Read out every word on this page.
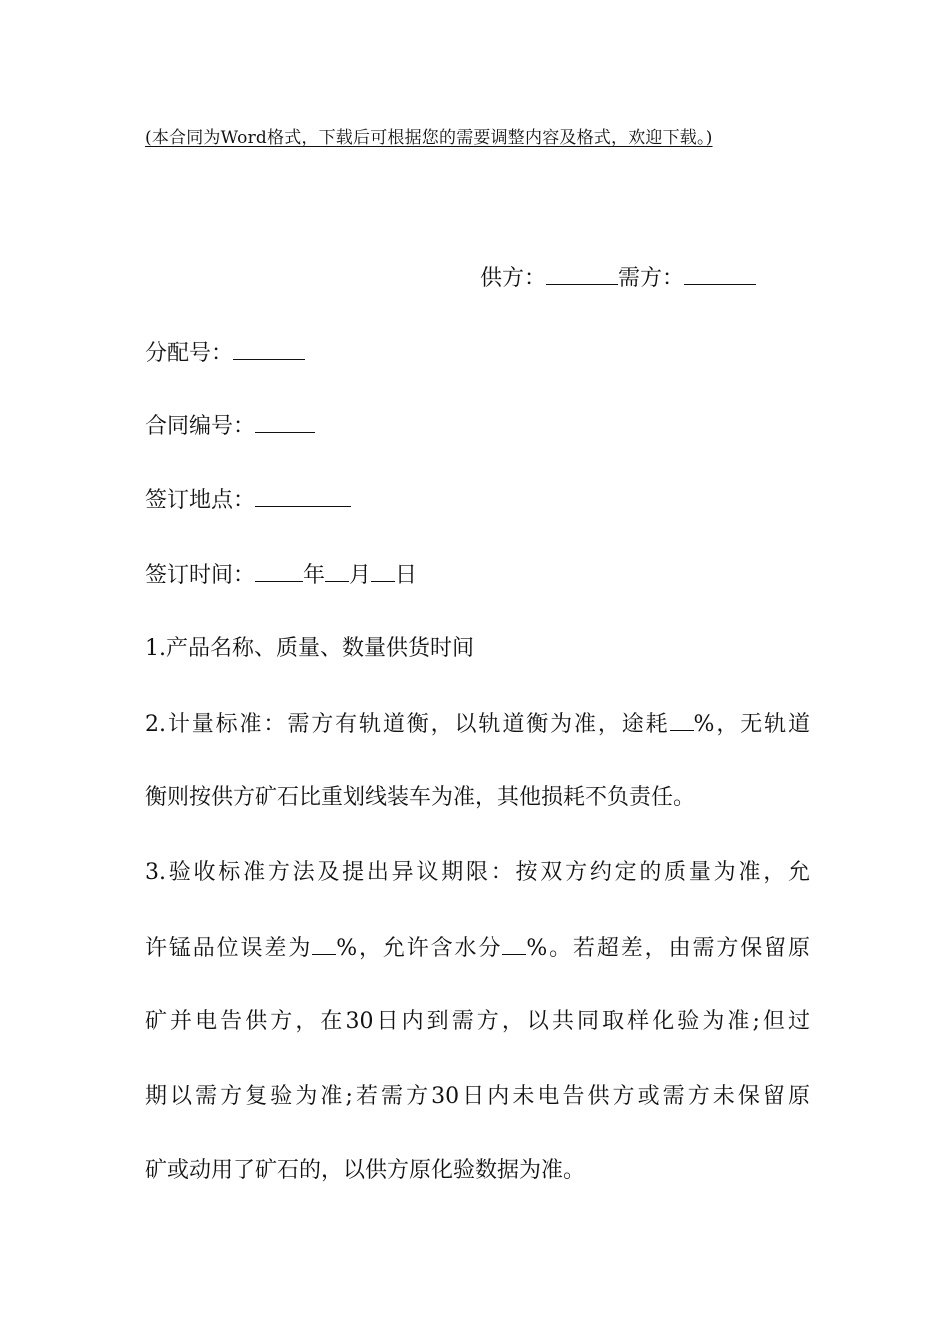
(本合同为Word格式，下载后可根据您的需要调整内容及格式，欢迎下载。)
供方：	需方：
分配号：
合同编号：
签订地点：
签订时间： 年 月 日
1.产品名称、质量、数量供货时间
2.计量标准：需方有轨道衡，以轨道衡为准，途耗 %，无轨道
衡则按供方矿石比重划线装车为准，其他损耗不负责任。
3.验收标准方法及提出异议期限：按双方约定的质量为准，允
许锰品位误差为 %，允许含水分 %。若超差，由需方保留原
矿并电告供方，在30日内到需方，以共同取样化验为准;但过
期以需方复验为准;若需方30日内未电告供方或需方未保留原
矿或动用了矿石的，以供方原化验数据为准。
